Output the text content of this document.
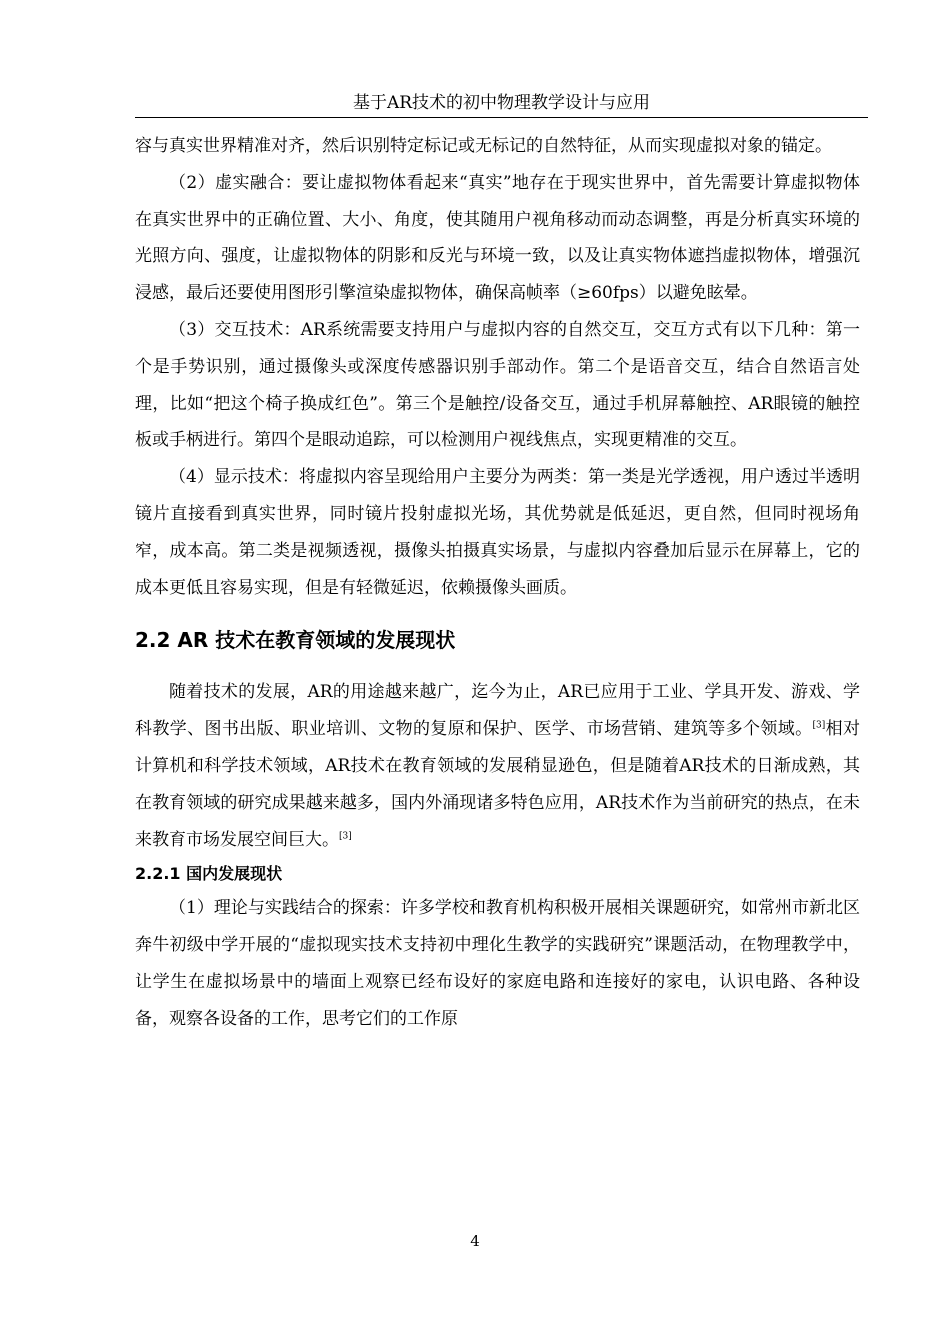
基于AR技术的初中物理教学设计与应用

容与真实世界精准对齐，然后识别特定标记或无标记的自然特征，从而实现虚拟对象的锚定。

（2）虚实融合：要让虚拟物体看起来“真实”地存在于现实世界中，首先需要计算虚拟物体在真实世界中的正确位置、大小、角度，使其随用户视角移动而动态调整，再是分析真实环境的光照方向、强度，让虚拟物体的阴影和反光与环境一致，以及让真实物体遮挡虚拟物体，增强沉浸感，最后还要使用图形引擎渲染虚拟物体，确保高帧率（≥60fps）以避免眩晕。

（3）交互技术：AR系统需要支持用户与虚拟内容的自然交互，交互方式有以下几种：第一个是手势识别，通过摄像头或深度传感器识别手部动作。第二个是语音交互，结合自然语言处理，比如“把这个椅子换成红色”。第三个是触控/设备交互，通过手机屏幕触控、AR眼镜的触控板或手柄进行。第四个是眼动追踪，可以检测用户视线焦点，实现更精准的交互。

（4）显示技术：将虚拟内容呈现给用户主要分为两类：第一类是光学透视，用户透过半透明镜片直接看到真实世界，同时镜片投射虚拟光场，其优势就是低延迟，更自然，但同时视场角窄，成本高。第二类是视频透视，摄像头拍摄真实场景，与虚拟内容叠加后显示在屏幕上，它的成本更低且容易实现，但是有轻微延迟，依赖摄像头画质。

2.2 AR 技术在教育领域的发展现状

随着技术的发展，AR的用途越来越广，迄今为止，AR已应用于工业、学具开发、游戏、学科教学、图书出版、职业培训、文物的复原和保护、医学、市场营销、建筑等多个领域。[3]相对计算机和科学技术领域，AR技术在教育领域的发展稍显逊色，但是随着AR技术的日渐成熟，其在教育领域的研究成果越来越多，国内外涌现诸多特色应用，AR技术作为当前研究的热点，在未来教育市场发展空间巨大。[3]

2.2.1 国内发展现状

（1）理论与实践结合的探索：许多学校和教育机构积极开展相关课题研究，如常州市新北区奔牛初级中学开展的“虚拟现实技术支持初中理化生教学的实践研究”课题活动，在物理教学中，让学生在虚拟场景中的墙面上观察已经布设好的家庭电路和连接好的家电，认识电路、各种设备，观察各设备的工作，思考它们的工作原

4
